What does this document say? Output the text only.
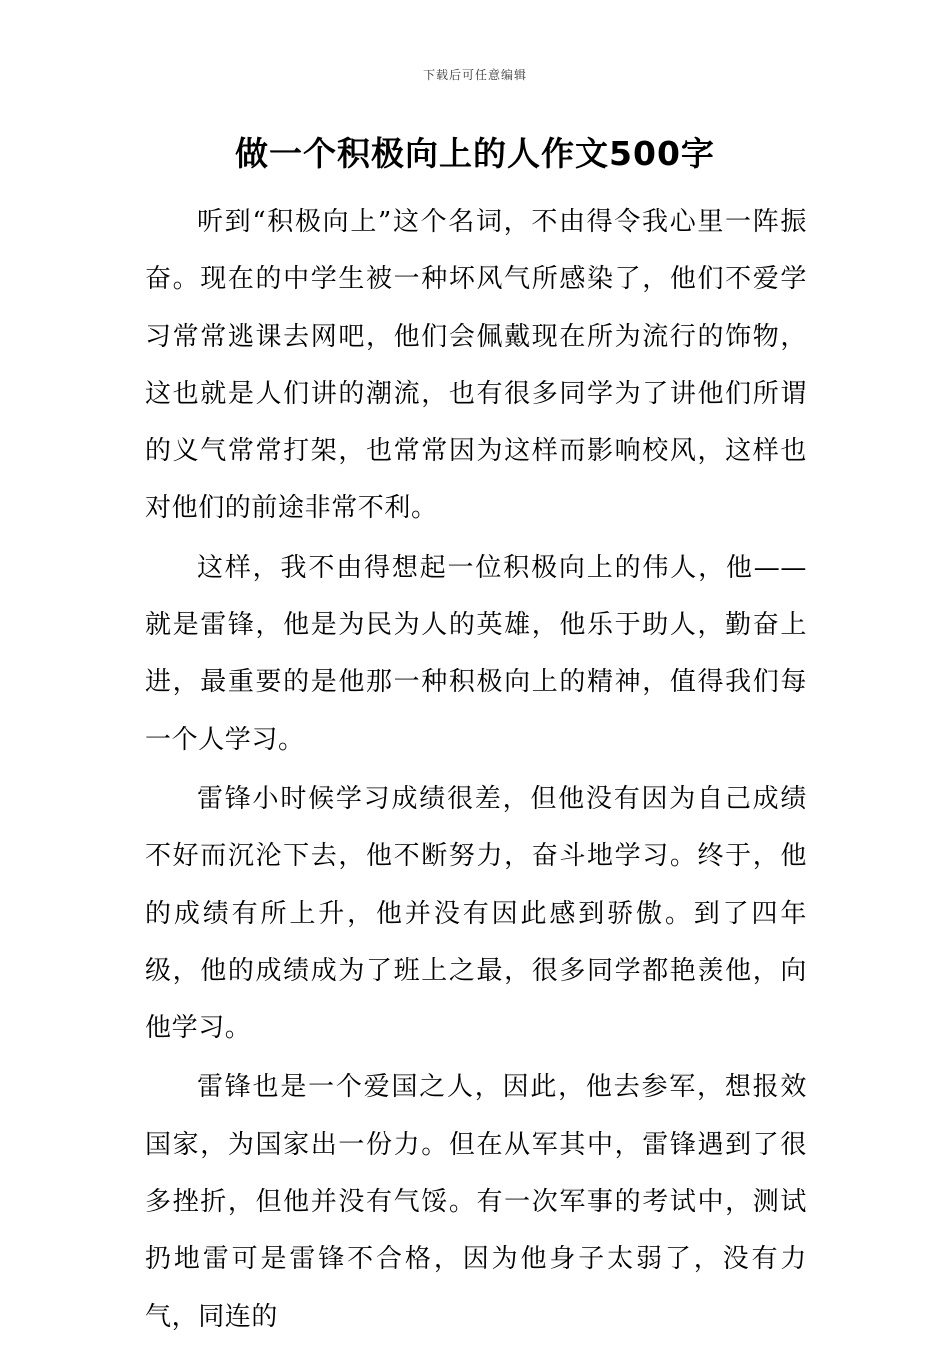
下载后可任意编辑
做一个积极向上的人作文500字

听到“积极向上”这个名词，不由得令我心里一阵振奋。现在的中学生被一种坏风气所感染了，他们不爱学习常常逃课去网吧，他们会佩戴现在所为流行的饰物，这也就是人们讲的潮流，也有很多同学为了讲他们所谓的义气常常打架，也常常因为这样而影响校风，这样也对他们的前途非常不利。

这样，我不由得想起一位积极向上的伟人，他——就是雷锋，他是为民为人的英雄，他乐于助人，勤奋上进，最重要的是他那一种积极向上的精神，值得我们每一个人学习。

雷锋小时候学习成绩很差，但他没有因为自己成绩不好而沉沦下去，他不断努力，奋斗地学习。终于，他的成绩有所上升，他并没有因此感到骄傲。到了四年级，他的成绩成为了班上之最，很多同学都艳羡他，向他学习。

雷锋也是一个爱国之人，因此，他去参军，想报效国家，为国家出一份力。但在从军其中，雷锋遇到了很多挫折，但他并没有气馁。有一次军事的考试中，测试扔地雷可是雷锋不合格，因为他身子太弱了，没有力气，同连的
